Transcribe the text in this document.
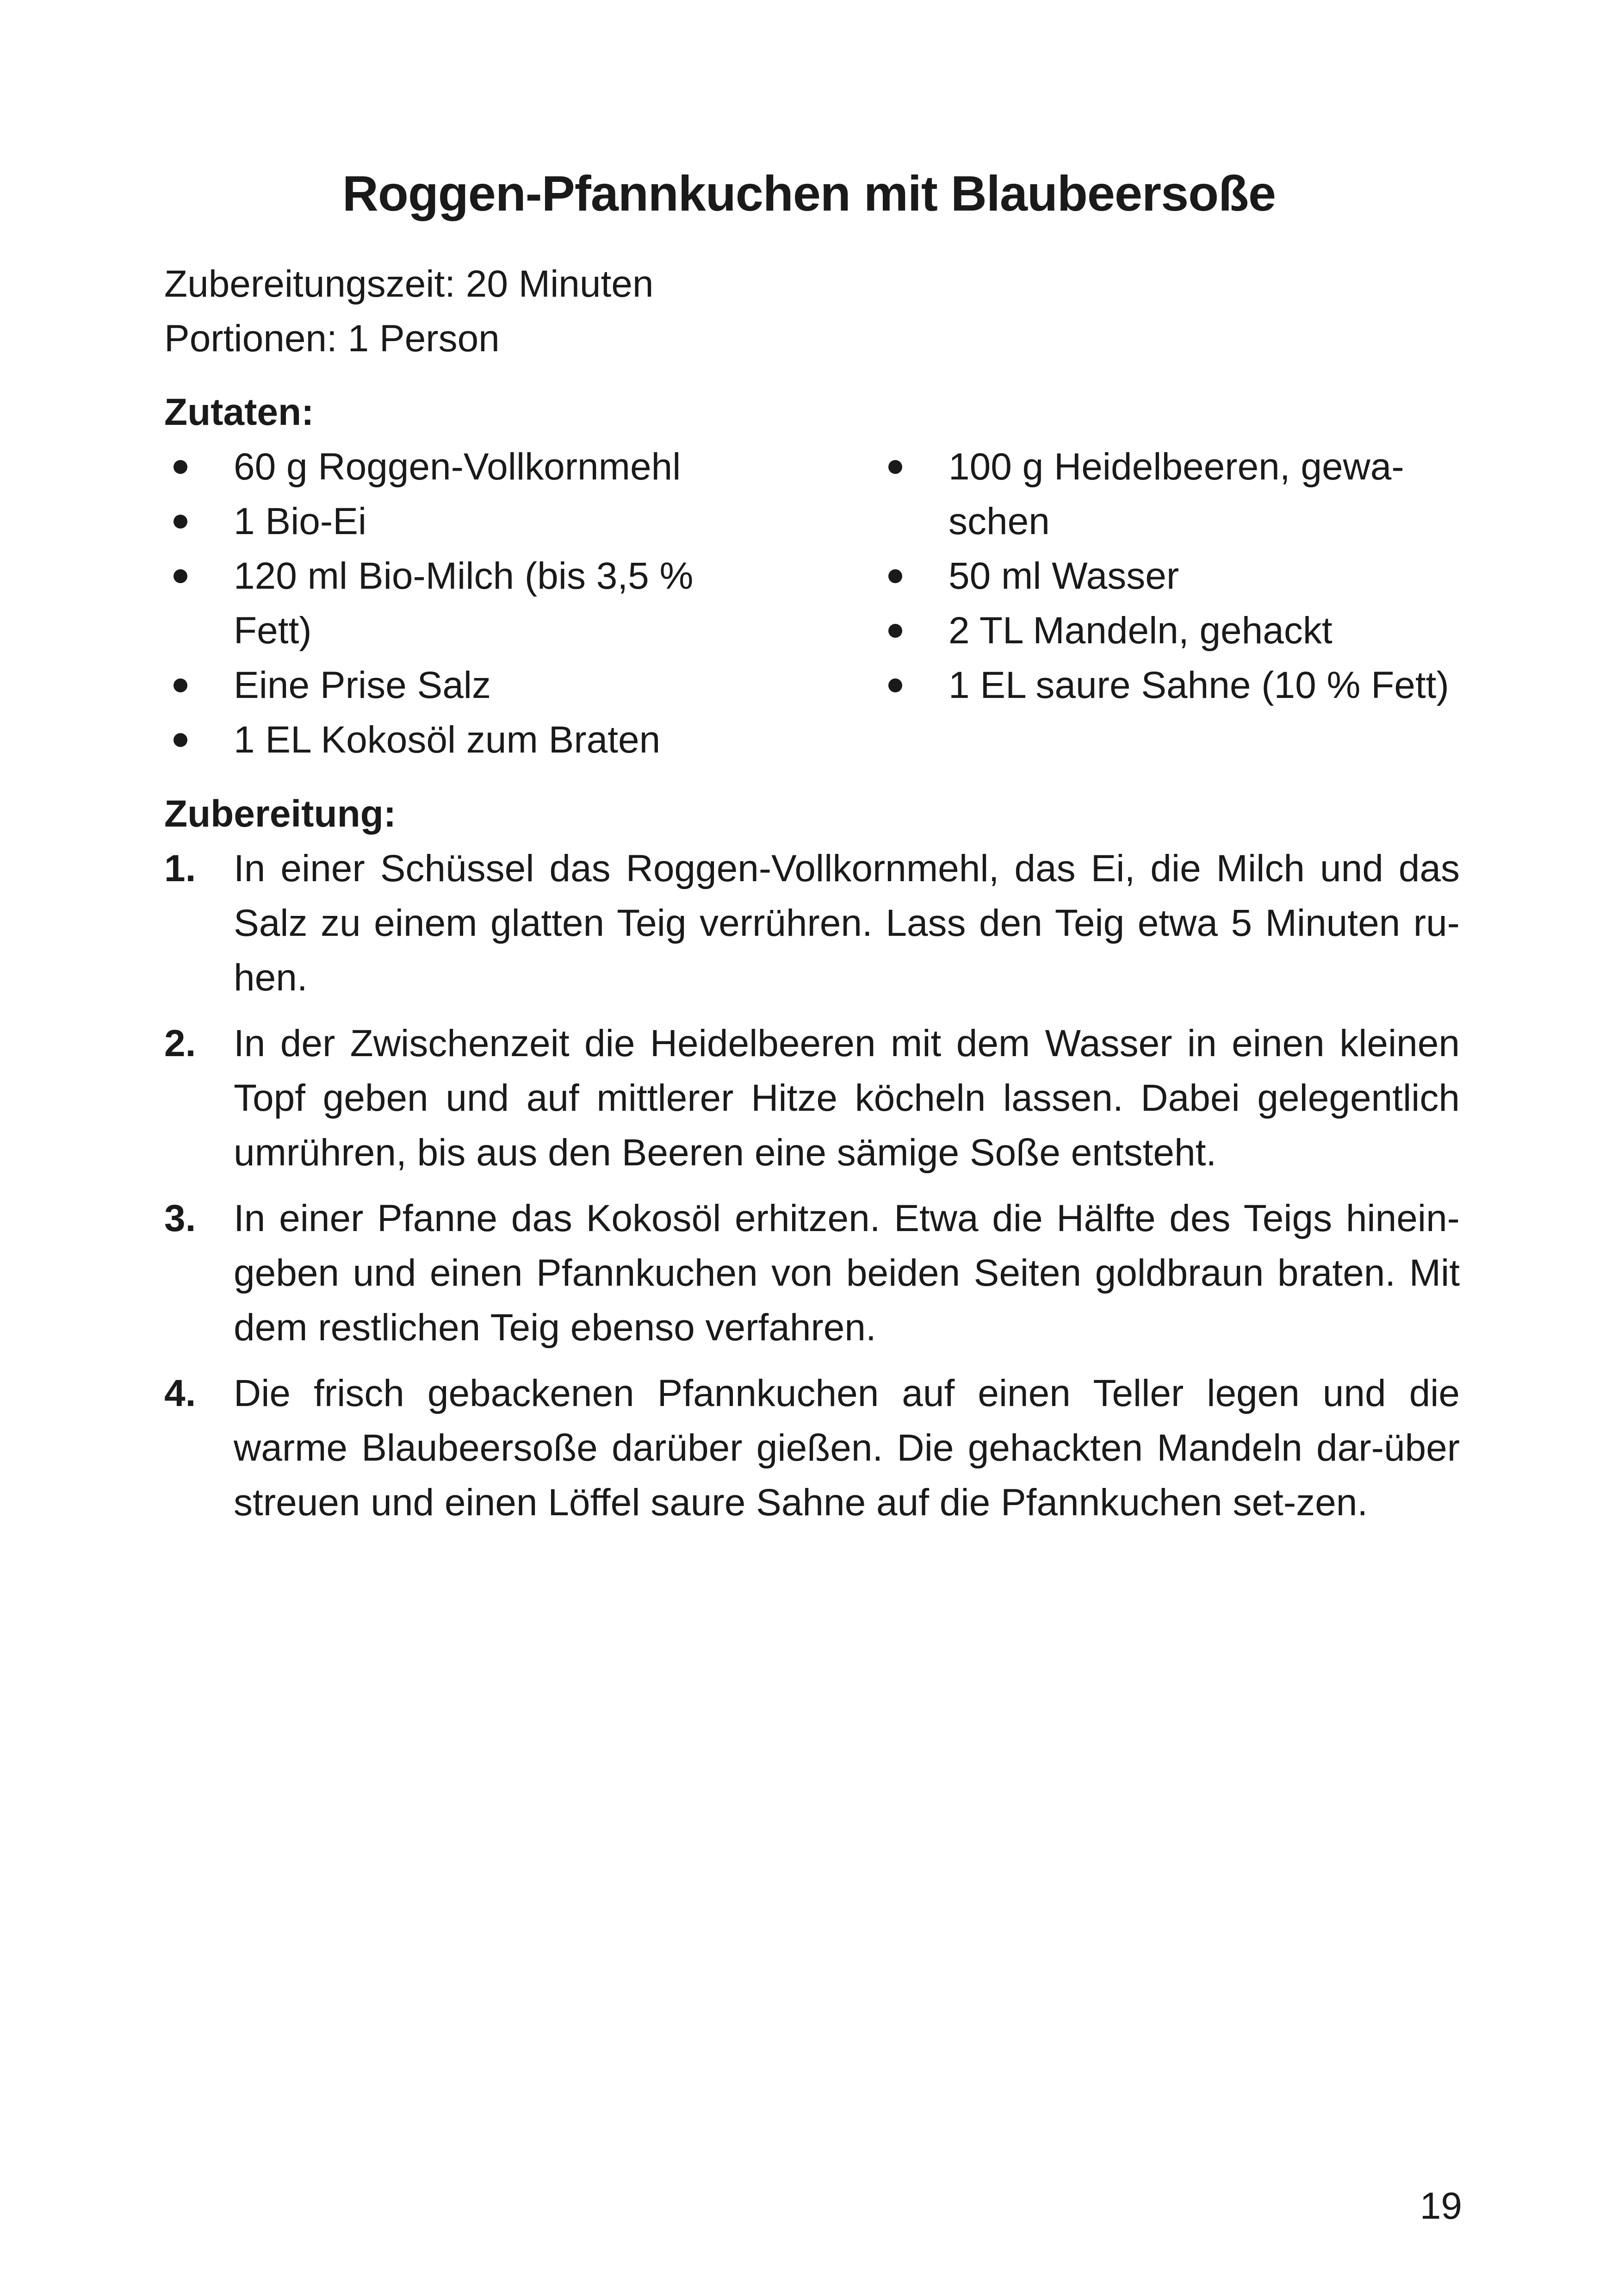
Roggen-Pfannkuchen mit Blaubeersoße
Zubereitungszeit: 20 Minuten
Portionen: 1 Person
Zutaten:
60 g Roggen-Vollkornmehl
1 Bio-Ei
120 ml Bio-Milch (bis 3,5 % Fett)
Eine Prise Salz
1 EL Kokosöl zum Braten
100 g Heidelbeeren, gewa-schen
50 ml Wasser
2 TL Mandeln, gehackt
1 EL saure Sahne (10 % Fett)
Zubereitung:
1. In einer Schüssel das Roggen-Vollkornmehl, das Ei, die Milch und das Salz zu einem glatten Teig verrühren. Lass den Teig etwa 5 Minuten ru-hen.
2. In der Zwischenzeit die Heidelbeeren mit dem Wasser in einen kleinen Topf geben und auf mittlerer Hitze köcheln lassen. Dabei gelegentlich umrühren, bis aus den Beeren eine sämige Soße entsteht.
3. In einer Pfanne das Kokosöl erhitzen. Etwa die Hälfte des Teigs hinein-geben und einen Pfannkuchen von beiden Seiten goldbraun braten. Mit dem restlichen Teig ebenso verfahren.
4. Die frisch gebackenen Pfannkuchen auf einen Teller legen und die warme Blaubeersoße darüber gießen. Die gehackten Mandeln dar-über streuen und einen Löffel saure Sahne auf die Pfannkuchen set-zen.
19
